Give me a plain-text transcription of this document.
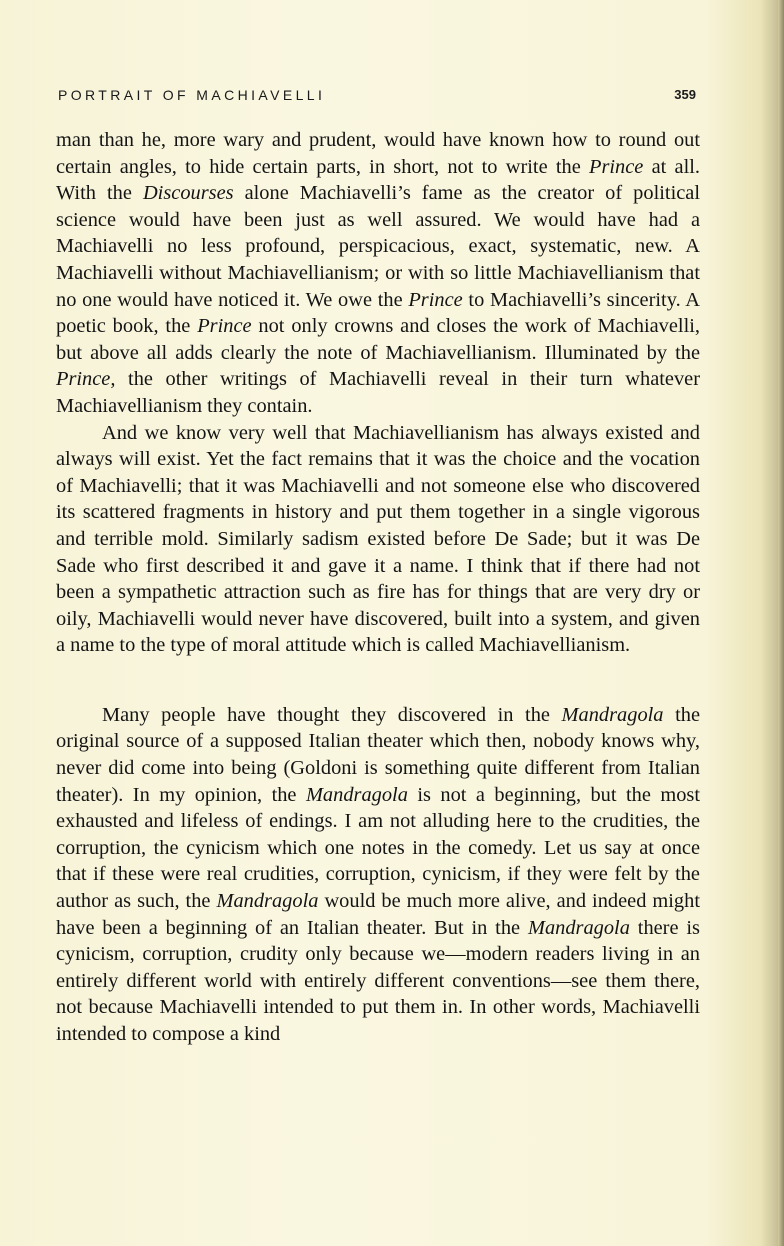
PORTRAIT OF MACHIAVELLI	359

man than he, more wary and prudent, would have known how to round out certain angles, to hide certain parts, in short, not to write the Prince at all. With the Discourses alone Machiavelli’s fame as the creator of political science would have been just as well assured. We would have had a Machiavelli no less profound, perspicacious, exact, systematic, new. A Machiavelli without Machiavellianism; or with so little Machiavellianism that no one would have noticed it. We owe the Prince to Machiavelli’s sincerity. A poetic book, the Prince not only crowns and closes the work of Machiavelli, but above all adds clearly the note of Machiavellianism. Illuminated by the Prince, the other writings of Machiavelli reveal in their turn whatever Machiavellianism they contain.

And we know very well that Machiavellianism has always existed and always will exist. Yet the fact remains that it was the choice and the vocation of Machiavelli; that it was Machiavelli and not someone else who discovered its scattered fragments in history and put them together in a single vigorous and terrible mold. Similarly sadism existed before De Sade; but it was De Sade who first described it and gave it a name. I think that if there had not been a sympathetic attraction such as fire has for things that are very dry or oily, Machiavelli would never have discovered, built into a system, and given a name to the type of moral attitude which is called Machiavellianism.

Many people have thought they discovered in the Mandragola the original source of a supposed Italian theater which then, nobody knows why, never did come into being (Goldoni is something quite different from Italian theater). In my opinion, the Mandragola is not a beginning, but the most exhausted and lifeless of endings. I am not alluding here to the crudities, the corruption, the cynicism which one notes in the comedy. Let us say at once that if these were real crudities, corruption, cynicism, if they were felt by the author as such, the Mandragola would be much more alive, and indeed might have been a beginning of an Italian theater. But in the Mandragola there is cynicism, corruption, crudity only because we—modern readers living in an entirely different world with entirely different conventions—see them there, not because Machiavelli intended to put them in. In other words, Machiavelli intended to compose a kind
